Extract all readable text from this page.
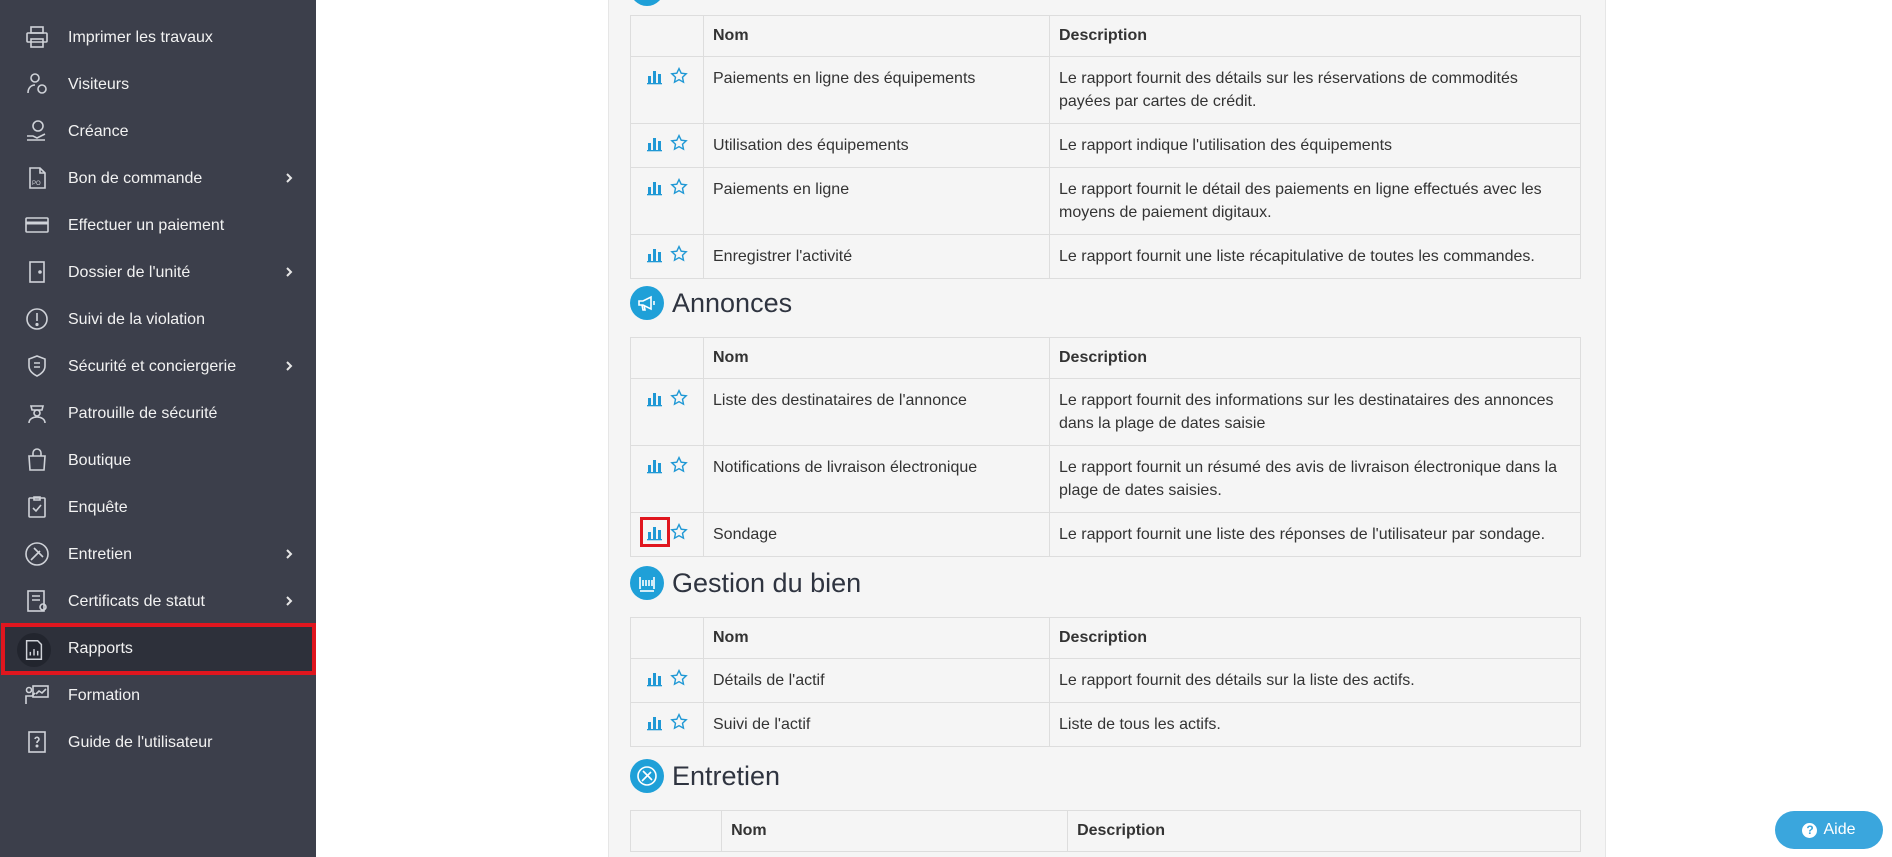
Imprimer les travaux
Visiteurs
Créance
PO Bon de commande
Effectuer un paiement
Dossier de l'unité
Suivi de la violation
Sécurité et conciergerie
Patrouille de sécurité
Boutique
Enquête
Entretien
Certificats de statut
Rapports
Formation
Guide de l'utilisateur
	Nom	Description

	Paiements en ligne des équipements	Le rapport fournit des détails sur les réservations de commodités payées par cartes de crédit.

	Utilisation des équipements	Le rapport indique l'utilisation des équipements

	Paiements en ligne	Le rapport fournit le détail des paiements en ligne effectués avec les moyens de paiement digitaux.

	Enregistrer l'activité	Le rapport fournit une liste récapitulative de toutes les commandes.
Annonces
	Nom	Description

	Liste des destinataires de l'annonce	Le rapport fournit des informations sur les destinataires des annonces dans la plage de dates saisie

	Notifications de livraison électronique	Le rapport fournit un résumé des avis de livraison électronique dans la plage de dates saisies.

	Sondage	Le rapport fournit une liste des réponses de l'utilisateur par sondage.
Gestion du bien
	Nom	Description

	Détails de l'actif	Le rapport fournit des détails sur la liste des actifs.

	Suivi de l'actif	Liste de tous les actifs.
Entretien
	Nom	Description	? Aide
